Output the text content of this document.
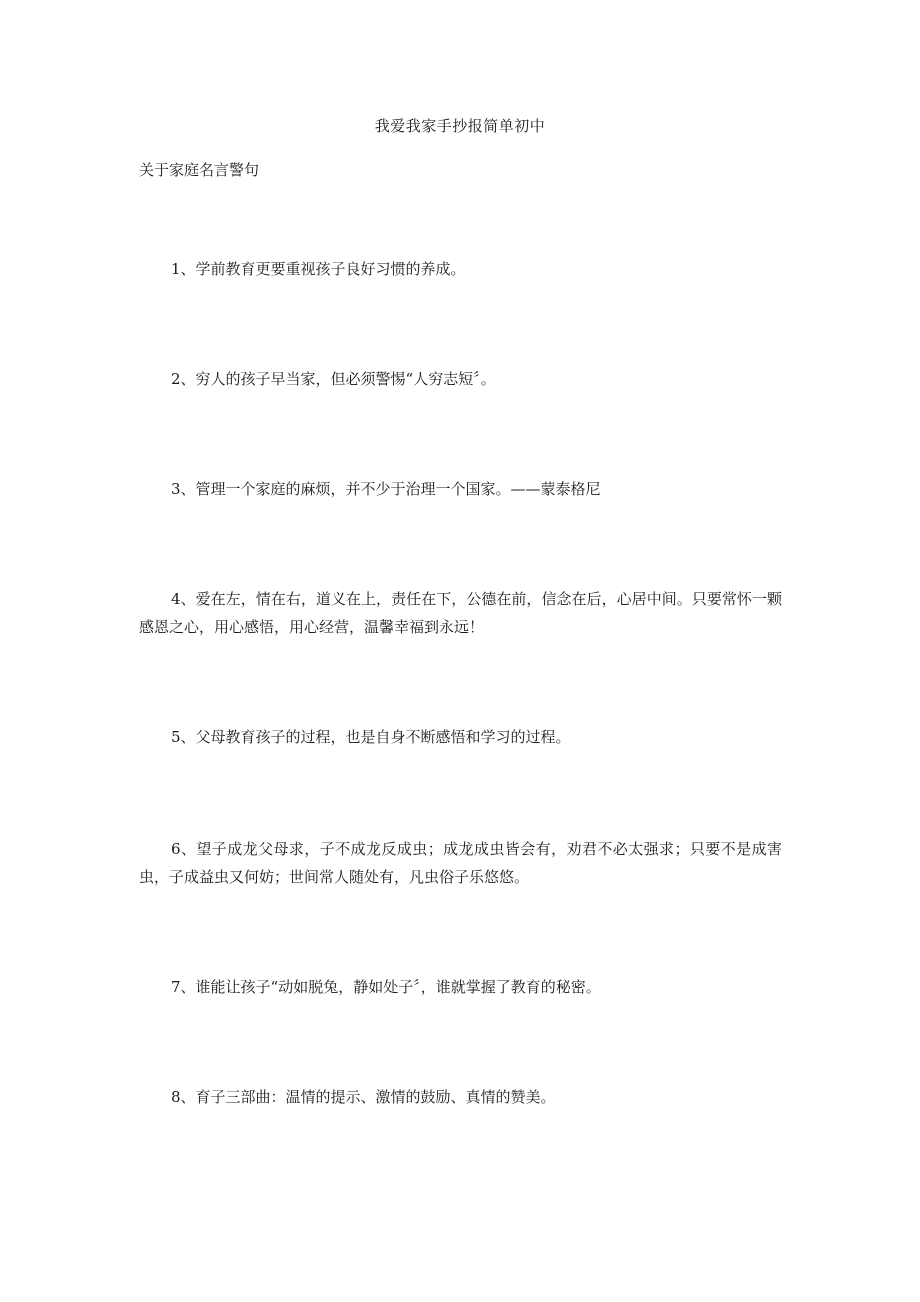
我爱我家手抄报简单初中
关于家庭名言警句

1、学前教育更要重视孩子良好习惯的养成。

2、穷人的孩子早当家，但必须警惕“人穷志短〞。

3、管理一个家庭的麻烦，并不少于治理一个国家。——蒙泰格尼

4、爱在左，情在右，道义在上，责任在下，公德在前，信念在后，心居中间。只要常怀一颗感恩之心，用心感悟，用心经营，温馨幸福到永远！

5、父母教育孩子的过程，也是自身不断感悟和学习的过程。

6、望子成龙父母求，子不成龙反成虫；成龙成虫皆会有，劝君不必太强求；只要不是成害虫，子成益虫又何妨；世间常人随处有，凡虫俗子乐悠悠。

7、谁能让孩子“动如脱兔，静如处子〞，谁就掌握了教育的秘密。

8、育子三部曲：温情的提示、激情的鼓励、真情的赞美。
